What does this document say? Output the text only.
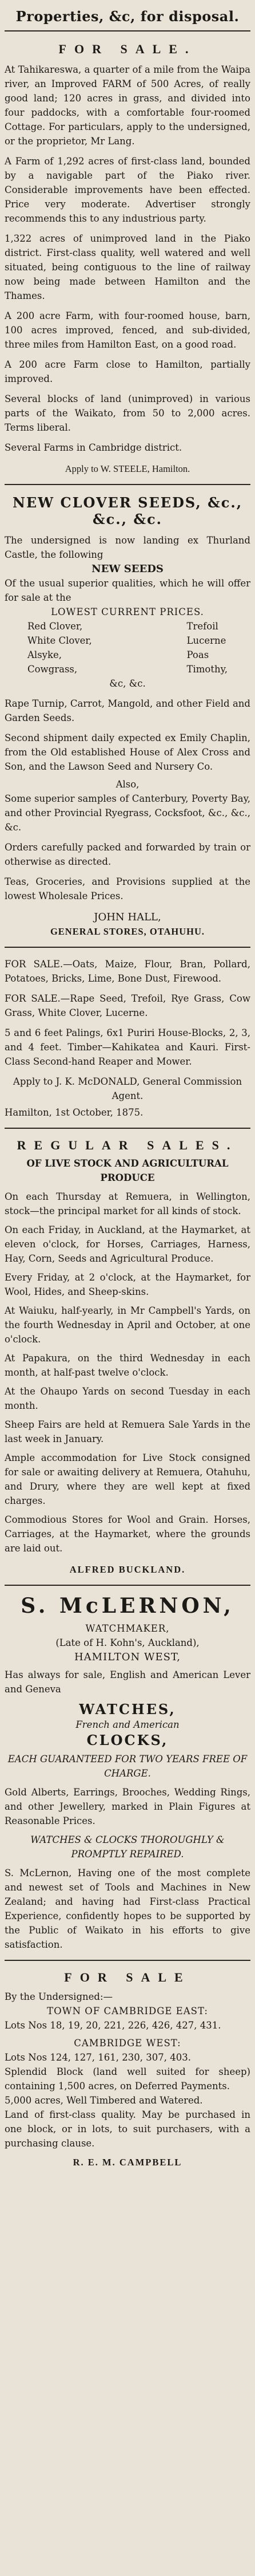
Properties, &c, for disposal.
FOR SALE.

At Tahikareswa, a quarter of a mile from the Waipa river, an Improved FARM of 500 Acres, of really good land; 120 acres in grass, and divided into four paddocks, with a comfortable four-roomed Cottage. For particulars, apply to the undersigned, or the proprietor, Mr Lang.

A Farm of 1,292 acres of first-class land, bounded by a navigable part of the Piako river. Considerable improvements have been effected. Price very moderate. Advertiser strongly recommends this to any industrious party.

1,322 acres of unimproved land in the Piako district. First-class quality, well watered and well situated, being contiguous to the line of railway now being made between Hamilton and the Thames.

A 200 acre Farm, with four-roomed house, barn, 100 acres improved, fenced, and sub-divided, three miles from Hamilton East, on a good road.

A 200 acre Farm close to Hamilton, partially improved.

Several blocks of land (unimproved) in various parts of the Waikato, from 50 to 2,000 acres. Terms liberal.

Several Farms in Cambridge district.

Apply to W. STEELE, Hamilton.

NEW CLOVER SEEDS, &c., &c., &c.

The undersigned is now landing ex Thurland Castle, the following

NEW SEEDS

Of the usual superior qualities, which he will offer for sale at the

LOWEST CURRENT PRICES.

Red Clover,
White Clover,
Alsyke,
Cowgrass,
Trefoil
Lucerne
Poas
Timothy,

&c, &c.

Rape Turnip, Carrot, Mangold, and other Field and Garden Seeds.

Second shipment daily expected ex Emily Chaplin, from the Old established House of Alex Cross and Son, and the Lawson Seed and Nursery Co.

Also,

Some superior samples of Canterbury, Poverty Bay, and other Provincial Ryegrass, Cocksfoot, &c., &c., &c.

Orders carefully packed and forwarded by train or otherwise as directed.

Teas, Groceries, and Provisions supplied at the lowest Wholesale Prices.

JOHN HALL,

GENERAL STORES, OTAHUHU.

FOR SALE.—Oats, Maize, Flour, Bran, Pollard, Potatoes, Bricks, Lime, Bone Dust, Firewood.

FOR SALE.—Rape Seed, Trefoil, Rye Grass, Cow Grass, White Clover, Lucerne.

5 and 6 feet Palings, 6x1 Puriri House-Blocks, 2, 3, and 4 feet. Timber—Kahikatea and Kauri. First-Class Second-hand Reaper and Mower.

Apply to J. K. McDONALD, General Commission Agent.

Hamilton, 1st October, 1875.

REGULAR SALES.

OF LIVE STOCK AND AGRICULTURAL PRODUCE

On each Thursday at Remuera, in Wellington, stock—the principal market for all kinds of stock.

On each Friday, in Auckland, at the Haymarket, at eleven o'clock, for Horses, Carriages, Harness, Hay, Corn, Seeds and Agricultural Produce.

Every Friday, at 2 o'clock, at the Haymarket, for Wool, Hides, and Sheep-skins.

At Waiuku, half-yearly, in Mr Campbell's Yards, on the fourth Wednesday in April and October, at one o'clock.

At Papakura, on the third Wednesday in each month, at half-past twelve o'clock.

At the Ohaupo Yards on second Tuesday in each month.

Sheep Fairs are held at Remuera Sale Yards in the last week in January.

Ample accommodation for Live Stock consigned for sale or awaiting delivery at Remuera, Otahuhu, and Drury, where they are well kept at fixed charges.

Commodious Stores for Wool and Grain. Horses, Carriages, at the Haymarket, where the grounds are laid out.

ALFRED BUCKLAND.

S. McLERNON,

WATCHMAKER,

(Late of H. Kohn's, Auckland),

HAMILTON WEST,

Has always for sale, English and American Lever and Geneva

WATCHES,

French and American

CLOCKS,

EACH GUARANTEED FOR TWO YEARS FREE OF CHARGE.

Gold Alberts, Earrings, Brooches, Wedding Rings, and other Jewellery, marked in Plain Figures at Reasonable Prices.

WATCHES & CLOCKS THOROUGHLY & PROMPTLY REPAIRED.

S. McLernon, Having one of the most complete and newest set of Tools and Machines in New Zealand; and having had First-class Practical Experience, confidently hopes to be supported by the Public of Waikato in his efforts to give satisfaction.

FOR SALE

By the Undersigned:—

TOWN OF CAMBRIDGE EAST:

Lots Nos 18, 19, 20, 221, 226, 426, 427, 431.

CAMBRIDGE WEST:

Lots Nos 124, 127, 161, 230, 307, 403.

Splendid Block (land well suited for sheep) containing 1,500 acres, on Deferred Payments.

5,000 acres, Well Timbered and Watered.

Land of first-class quality. May be purchased in one block, or in lots, to suit purchasers, with a purchasing clause.

R. E. M. CAMPBELL
